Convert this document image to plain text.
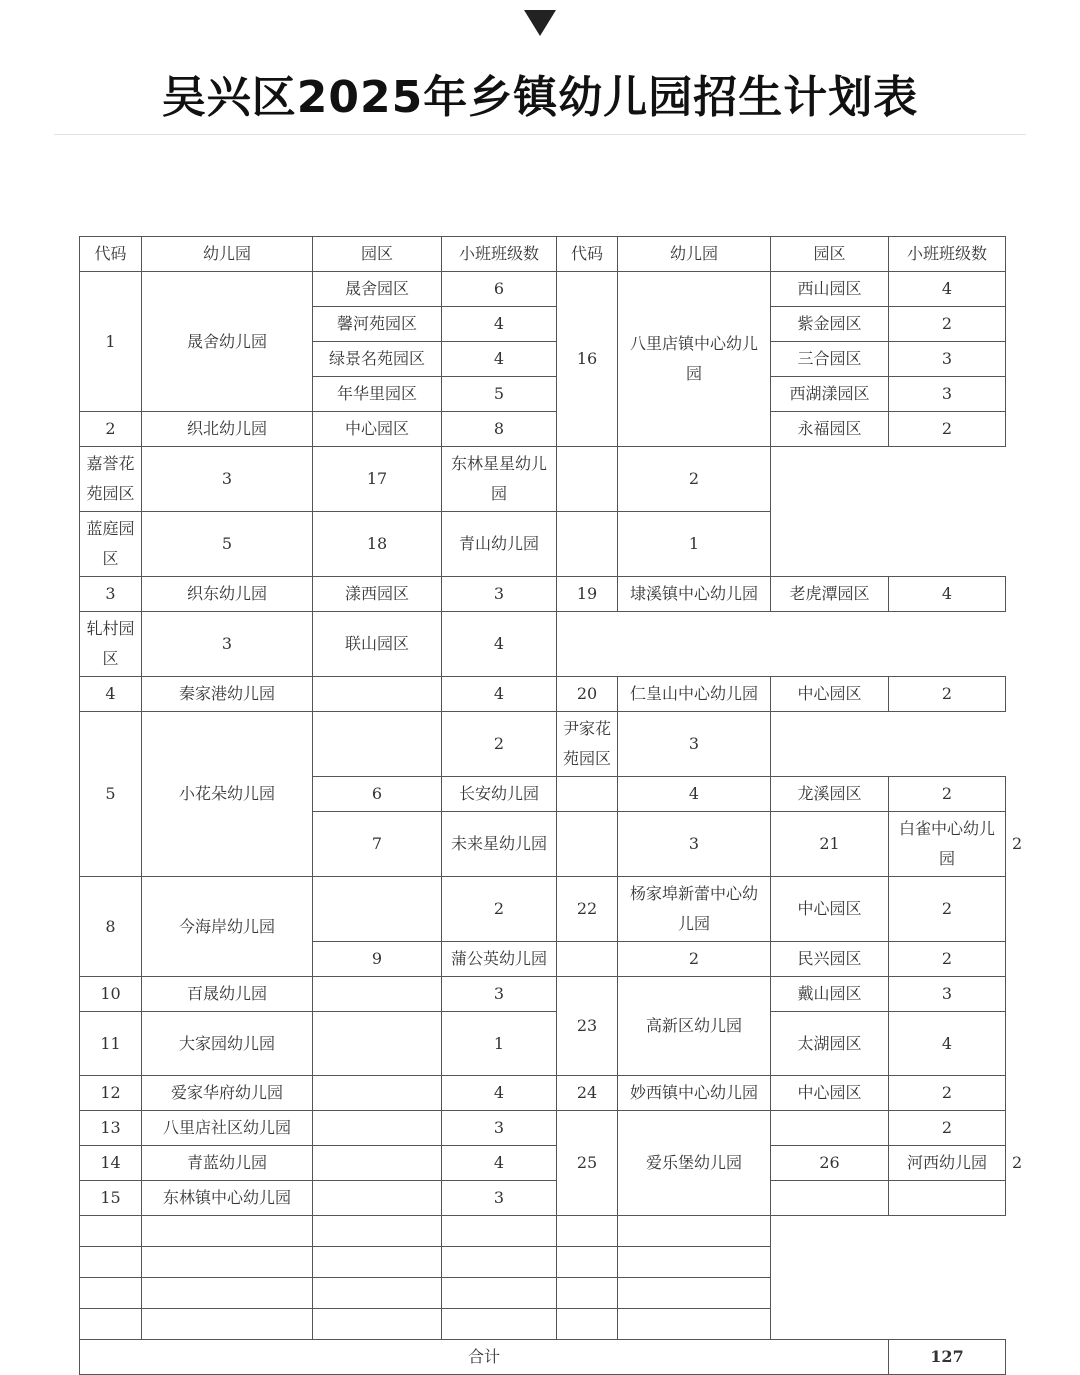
吴兴区2025年乡镇幼儿园招生计划表
代码	幼儿园	园区	小班班级数	代码	幼儿园	园区	小班班级数	
1	晟舍幼儿园	晟舍园区	6	16	八里店镇中心幼儿园	西山园区	4	
		馨河苑园区	4			紫金园区	2	
		绿景名苑园区	4			三合园区	3	
		年华里园区	5			西湖漾园区	3	
2	织北幼儿园	中心园区	8			永福园区	2	
嘉誉花苑园区	3	17	东林星星幼儿园		2			
蓝庭园区	5	18	青山幼儿园		1			
3	织东幼儿园	漾西园区	3	19	埭溪镇中心幼儿园	老虎潭园区	4	
轧村园区	3	联山园区	4					
4	秦家港幼儿园		4	20	仁皇山中心幼儿园	中心园区	2	
5	小花朵幼儿园		2	尹家花苑园区	3			
		6	长安幼儿园		4	龙溪园区	2	
		7	未来星幼儿园		3	21	白雀中心幼儿园		2
8	今海岸幼儿园		2	22	杨家埠新蕾中心幼儿园	中心园区	2	
		9	蒲公英幼儿园		2	民兴园区	2	
10	百晟幼儿园		3	23	高新区幼儿园	戴山园区	3	
11	大家园幼儿园		1			太湖园区	4	
12	爱家华府幼儿园		4	24	妙西镇中心幼儿园	中心园区	2	
13	八里店社区幼儿园		3	25	爱乐堡幼儿园		2	
14	青蓝幼儿园		4			26	河西幼儿园		2
15	东林镇中心幼儿园		3					

合计							127	
